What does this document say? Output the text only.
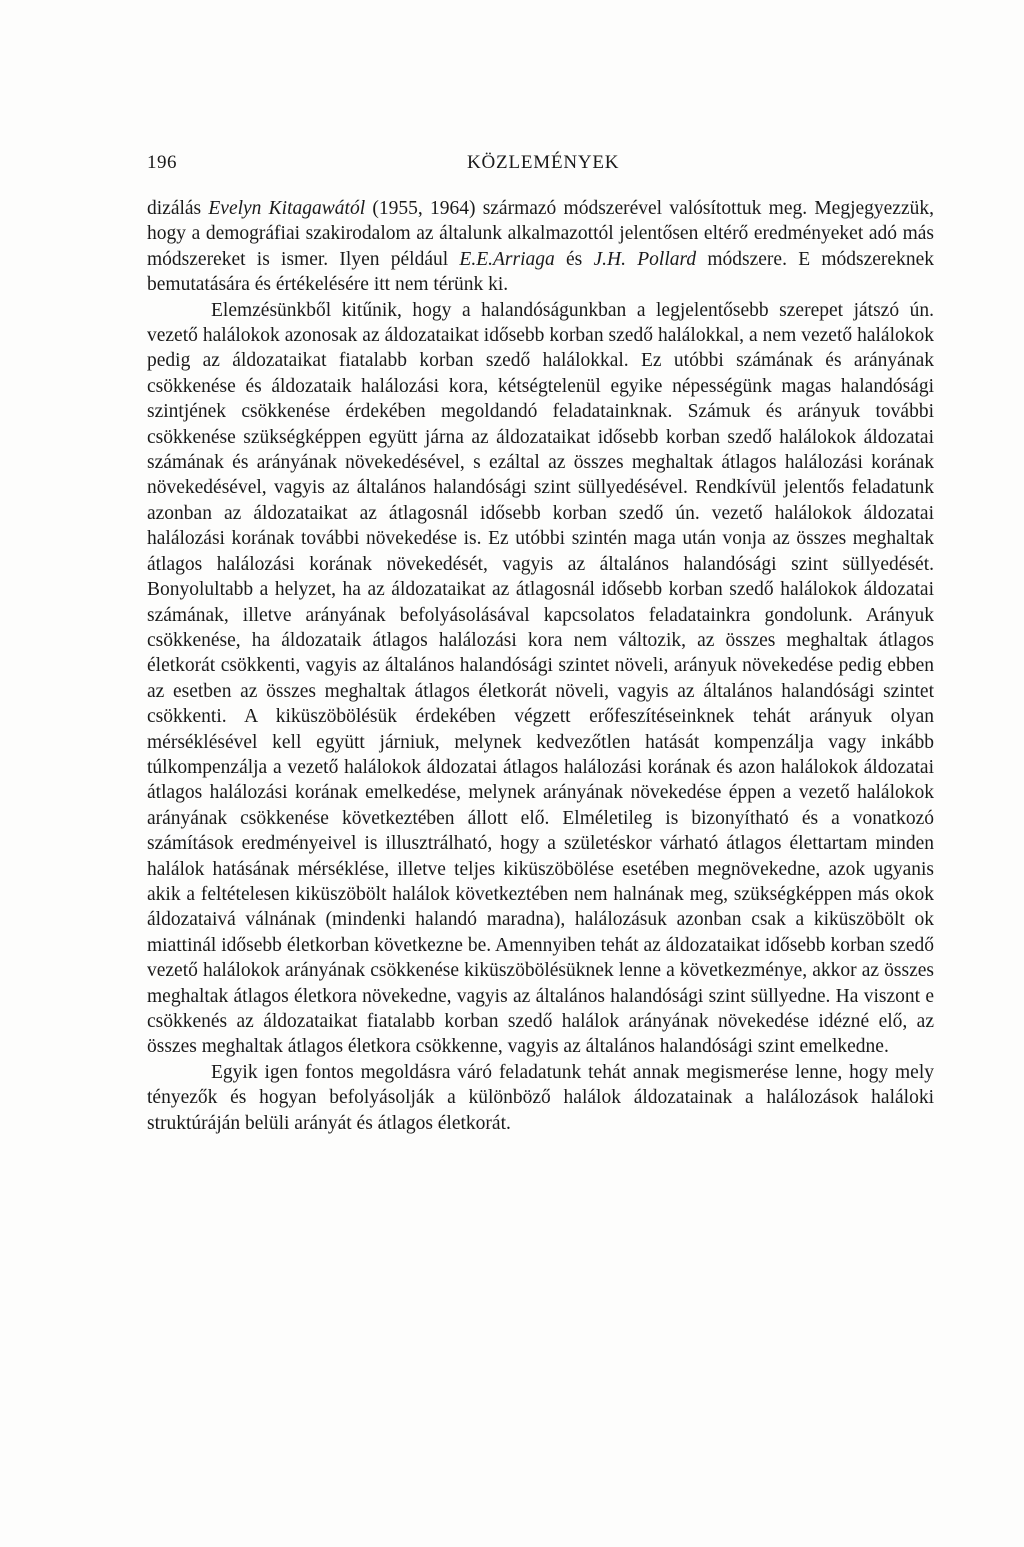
196	KÖZLEMÉNYEK

dizálás Evelyn Kitagawától (1955, 1964) származó módszerével valósítottuk meg. Megjegyezzük, hogy a demográfiai szakirodalom az általunk alkalmazottól jelentősen eltérő eredményeket adó más módszereket is ismer. Ilyen például E.E.Arriaga és J.H. Pollard módszere. E módszereknek bemutatására és értékelésére itt nem térünk ki.

Elemzésünkből kitűnik, hogy a halandóságunkban a legjelentősebb szerepet játszó ún. vezető halálokok azonosak az áldozataikat idősebb korban szedő halálokkal, a nem vezető halálokok pedig az áldozataikat fiatalabb korban szedő halálokkal. Ez utóbbi számának és arányának csökkenése és áldozataik halálozási kora, kétségtelenül egyike népességünk magas halandósági szintjének csökkenése érdekében megoldandó feladatainknak. Számuk és arányuk további csökkenése szükségképpen együtt járna az áldozataikat idősebb korban szedő halálokok áldozatai számának és arányának növekedésével, s ezáltal az összes meghaltak átlagos halálozási korának növekedésével, vagyis az általános halandósági szint süllyedésével. Rendkívül jelentős feladatunk azonban az áldozataikat az átlagosnál idősebb korban szedő ún. vezető halálokok áldozatai halálozási korának további növekedése is. Ez utóbbi szintén maga után vonja az összes meghaltak átlagos halálozási korának növekedését, vagyis az általános halandósági szint süllyedését. Bonyolultabb a helyzet, ha az áldozataikat az átlagosnál idősebb korban szedő halálokok áldozatai számának, illetve arányának befolyásolásával kapcsolatos feladatainkra gondolunk. Arányuk csökkenése, ha áldozataik átlagos halálozási kora nem változik, az összes meghaltak átlagos életkorát csökkenti, vagyis az általános halandósági szintet növeli, arányuk növekedése pedig ebben az esetben az összes meghaltak átlagos életkorát növeli, vagyis az általános halandósági szintet csökkenti. A kiküszöbölésük érdekében végzett erőfeszítéseinknek tehát arányuk olyan mérséklésével kell együtt járniuk, melynek kedvezőtlen hatását kompenzálja vagy inkább túlkompenzálja a vezető halálokok áldozatai átlagos halálozási korának és azon halálokok áldozatai átlagos halálozási korának emelkedése, melynek arányának növekedése éppen a vezető halálokok arányának csökkenése következtében állott elő. Elméletileg is bizonyítható és a vonatkozó számítások eredményeivel is illusztrálható, hogy a születéskor várható átlagos élettartam minden halálok hatásának mérséklése, illetve teljes kiküszöbölése esetében megnövekedne, azok ugyanis akik a feltételesen kiküszöbölt halálok következtében nem halnának meg, szükségképpen más okok áldozataivá válnának (mindenki halandó maradna), halálozásuk azonban csak a kiküszöbölt ok miattinál idősebb életkorban következne be. Amennyiben tehát az áldozataikat idősebb korban szedő vezető halálokok arányának csökkenése kiküszöbölésüknek lenne a következménye, akkor az összes meghaltak átlagos életkora növekedne, vagyis az általános halandósági szint süllyedne. Ha viszont e csökkenés az áldozataikat fiatalabb korban szedő halálok arányának növekedése idézné elő, az összes meghaltak átlagos életkora csökkenne, vagyis az általános halandósági szint emelkedne.

Egyik igen fontos megoldásra váró feladatunk tehát annak megismerése lenne, hogy mely tényezők és hogyan befolyásolják a különböző halálok áldozatainak a halálozások haláloki struktúráján belüli arányát és átlagos életkorát.
